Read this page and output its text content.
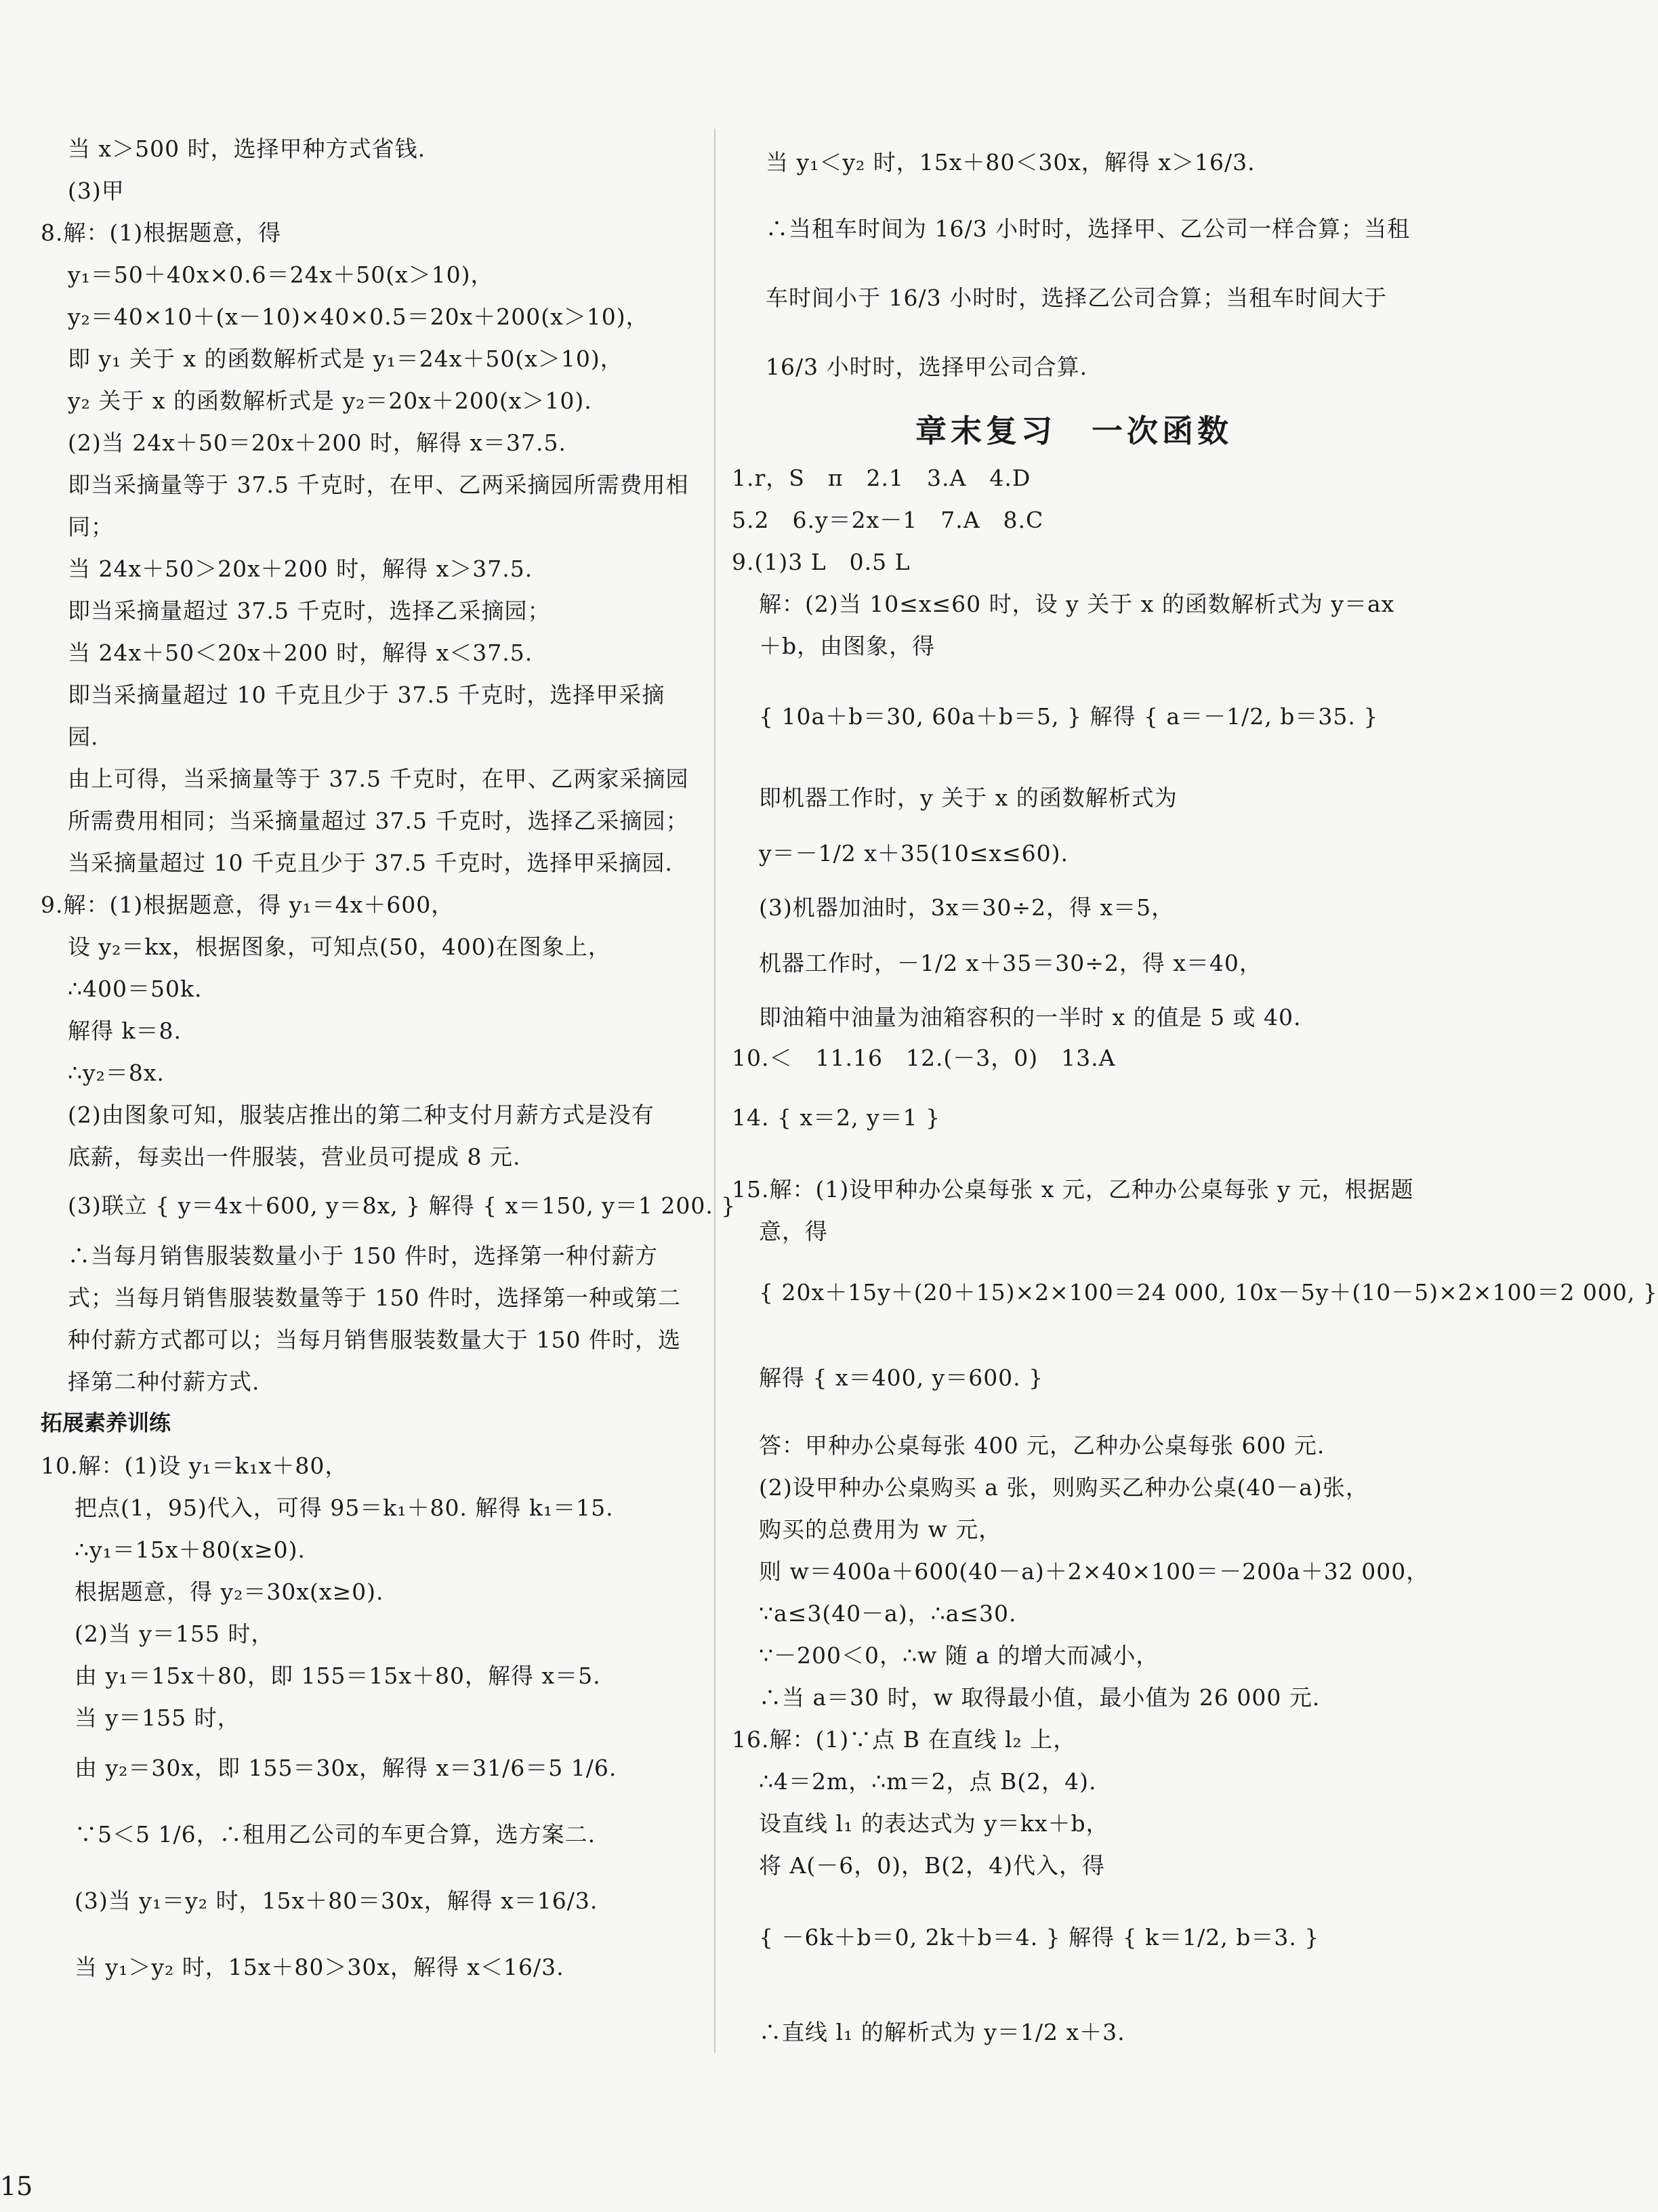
当 x＞500 时，选择甲种方式省钱.
(3)甲
8.解：(1)根据题意，得
y₁＝50＋40x×0.6＝24x＋50(x＞10)，
y₂＝40×10＋(x－10)×40×0.5＝20x＋200(x＞10)，
即 y₁ 关于 x 的函数解析式是 y₁＝24x＋50(x＞10)，
y₂ 关于 x 的函数解析式是 y₂＝20x＋200(x＞10).
(2)当 24x＋50＝20x＋200 时，解得 x＝37.5.
即当采摘量等于 37.5 千克时，在甲、乙两采摘园所需费用相
同；
当 24x＋50＞20x＋200 时，解得 x＞37.5.
即当采摘量超过 37.5 千克时，选择乙采摘园；
当 24x＋50＜20x＋200 时，解得 x＜37.5.
即当采摘量超过 10 千克且少于 37.5 千克时，选择甲采摘
园.
由上可得，当采摘量等于 37.5 千克时，在甲、乙两家采摘园
所需费用相同；当采摘量超过 37.5 千克时，选择乙采摘园；
当采摘量超过 10 千克且少于 37.5 千克时，选择甲采摘园.
9.解：(1)根据题意，得 y₁＝4x＋600，
设 y₂＝kx，根据图象，可知点(50，400)在图象上，
∴400＝50k.
解得 k＝8.
∴y₂＝8x.
(2)由图象可知，服装店推出的第二种支付月薪方式是没有
底薪，每卖出一件服装，营业员可提成 8 元.
(3)联立 { y＝4x＋600, y＝8x, } 解得 { x＝150, y＝1 200. }
∴当每月销售服装数量小于 150 件时，选择第一种付薪方
式；当每月销售服装数量等于 150 件时，选择第一种或第二
种付薪方式都可以；当每月销售服装数量大于 150 件时，选
择第二种付薪方式.
拓展素养训练
10.解：(1)设 y₁＝k₁x＋80，
把点(1，95)代入，可得 95＝k₁＋80. 解得 k₁＝15.
∴y₁＝15x＋80(x≥0).
根据题意，得 y₂＝30x(x≥0).
(2)当 y＝155 时，
由 y₁＝15x＋80，即 155＝15x＋80，解得 x＝5.
当 y＝155 时，
由 y₂＝30x，即 155＝30x，解得 x＝31/6＝5 1/6.
∵5＜5 1/6，∴租用乙公司的车更合算，选方案二.
(3)当 y₁＝y₂ 时，15x＋80＝30x，解得 x＝16/3.
当 y₁＞y₂ 时，15x＋80＞30x，解得 x＜16/3.
当 y₁＜y₂ 时，15x＋80＜30x，解得 x＞16/3.
∴当租车时间为 16/3 小时时，选择甲、乙公司一样合算；当租
车时间小于 16/3 小时时，选择乙公司合算；当租车时间大于
16/3 小时时，选择甲公司合算.
章末复习　一次函数
1.r，S　π　2.1　3.A　4.D
5.2　6.y＝2x－1　7.A　8.C
9.(1)3 L　0.5 L
解：(2)当 10≤x≤60 时，设 y 关于 x 的函数解析式为 y＝ax
＋b，由图象，得
{ 10a＋b＝30, 60a＋b＝5, } 解得 { a＝－1/2, b＝35. }
即机器工作时，y 关于 x 的函数解析式为
y＝－1/2 x＋35(10≤x≤60).
(3)机器加油时，3x＝30÷2，得 x＝5，
机器工作时，－1/2 x＋35＝30÷2，得 x＝40，
即油箱中油量为油箱容积的一半时 x 的值是 5 或 40.
10.＜　11.16　12.(－3，0)　13.A
14. { x＝2, y＝1 }
15.解：(1)设甲种办公桌每张 x 元，乙种办公桌每张 y 元，根据题
意，得
{ 20x＋15y＋(20＋15)×2×100＝24 000, 10x－5y＋(10－5)×2×100＝2 000, }
解得 { x＝400, y＝600. }
答：甲种办公桌每张 400 元，乙种办公桌每张 600 元.
(2)设甲种办公桌购买 a 张，则购买乙种办公桌(40－a)张，
购买的总费用为 w 元，
则 w＝400a＋600(40－a)＋2×40×100＝－200a＋32 000，
∵a≤3(40－a)，∴a≤30.
∵－200＜0，∴w 随 a 的增大而减小，
∴当 a＝30 时，w 取得最小值，最小值为 26 000 元.
16.解：(1)∵点 B 在直线 l₂ 上，
∴4＝2m，∴m＝2，点 B(2，4).
设直线 l₁ 的表达式为 y＝kx＋b，
将 A(－6，0)，B(2，4)代入，得
{ －6k＋b＝0, 2k＋b＝4. } 解得 { k＝1/2, b＝3. }
∴直线 l₁ 的解析式为 y＝1/2 x＋3.
15
